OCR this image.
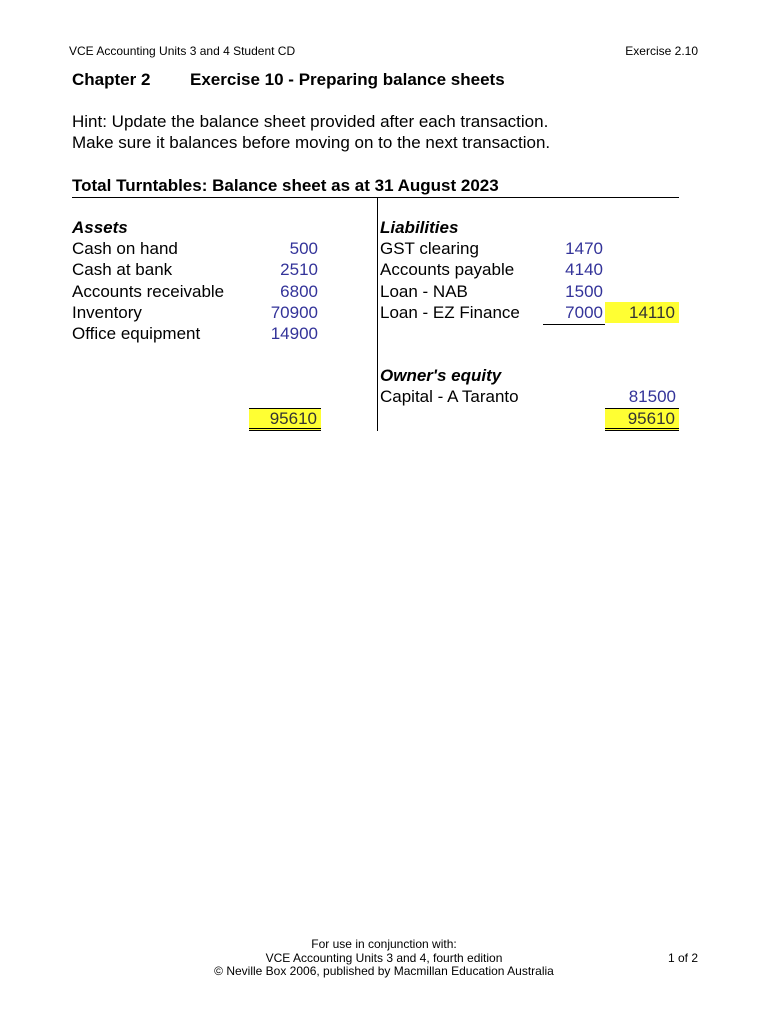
VCE Accounting Units 3 and 4 Student CD	Exercise 2.10
Chapter 2 Exercise 10 - Preparing balance sheets
Hint: Update the balance sheet provided after each transaction.
Make sure it balances before moving on to the next transaction.
Total Turntables: Balance sheet as at 31 August 2023
Assets
Cash on hand	500
Cash at bank	2510
Accounts receivable	6800
Inventory	70900
Office equipment	14900
95610
Liabilities
GST clearing	1470
Accounts payable	4140
Loan - NAB	1500
Loan - EZ Finance	7000	14110
Owner's equity
Capital - A Taranto	81500
95610
For use in conjunction with:
VCE Accounting Units 3 and 4, fourth edition
© Neville Box 2006, published by Macmillan Education Australia
1 of 2
